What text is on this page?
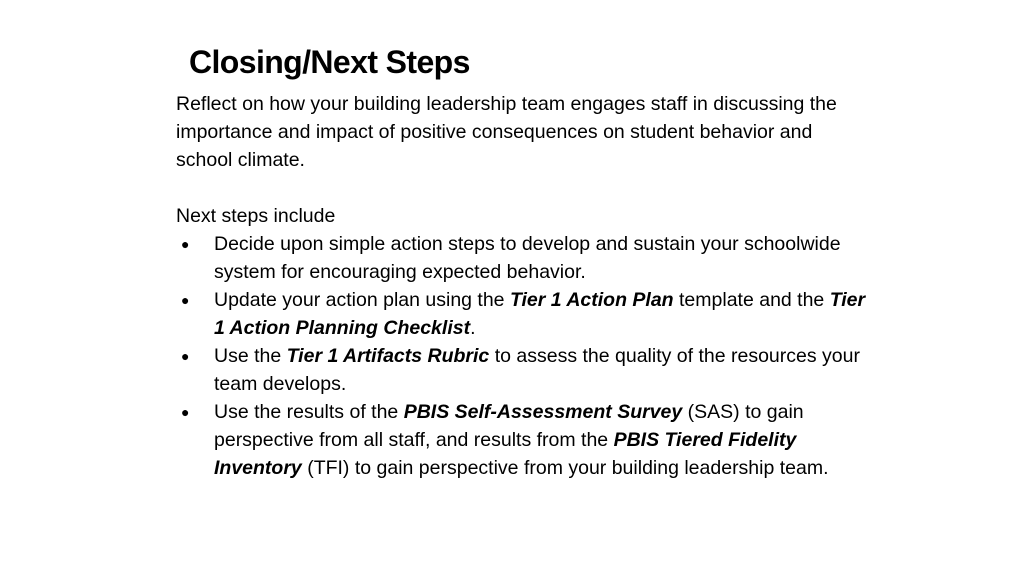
Closing/Next Steps

Reflect on how your building leadership team engages staff in discussing the importance and impact of positive consequences on student behavior and school climate.

Next steps include

● Decide upon simple action steps to develop and sustain your schoolwide system for encouraging expected behavior.
● Update your action plan using the Tier 1 Action Plan template and the Tier 1 Action Planning Checklist.
● Use the Tier 1 Artifacts Rubric to assess the quality of the resources your team develops.
● Use the results of the PBIS Self-Assessment Survey (SAS) to gain perspective from all staff, and results from the PBIS Tiered Fidelity Inventory (TFI) to gain perspective from your building leadership team.
